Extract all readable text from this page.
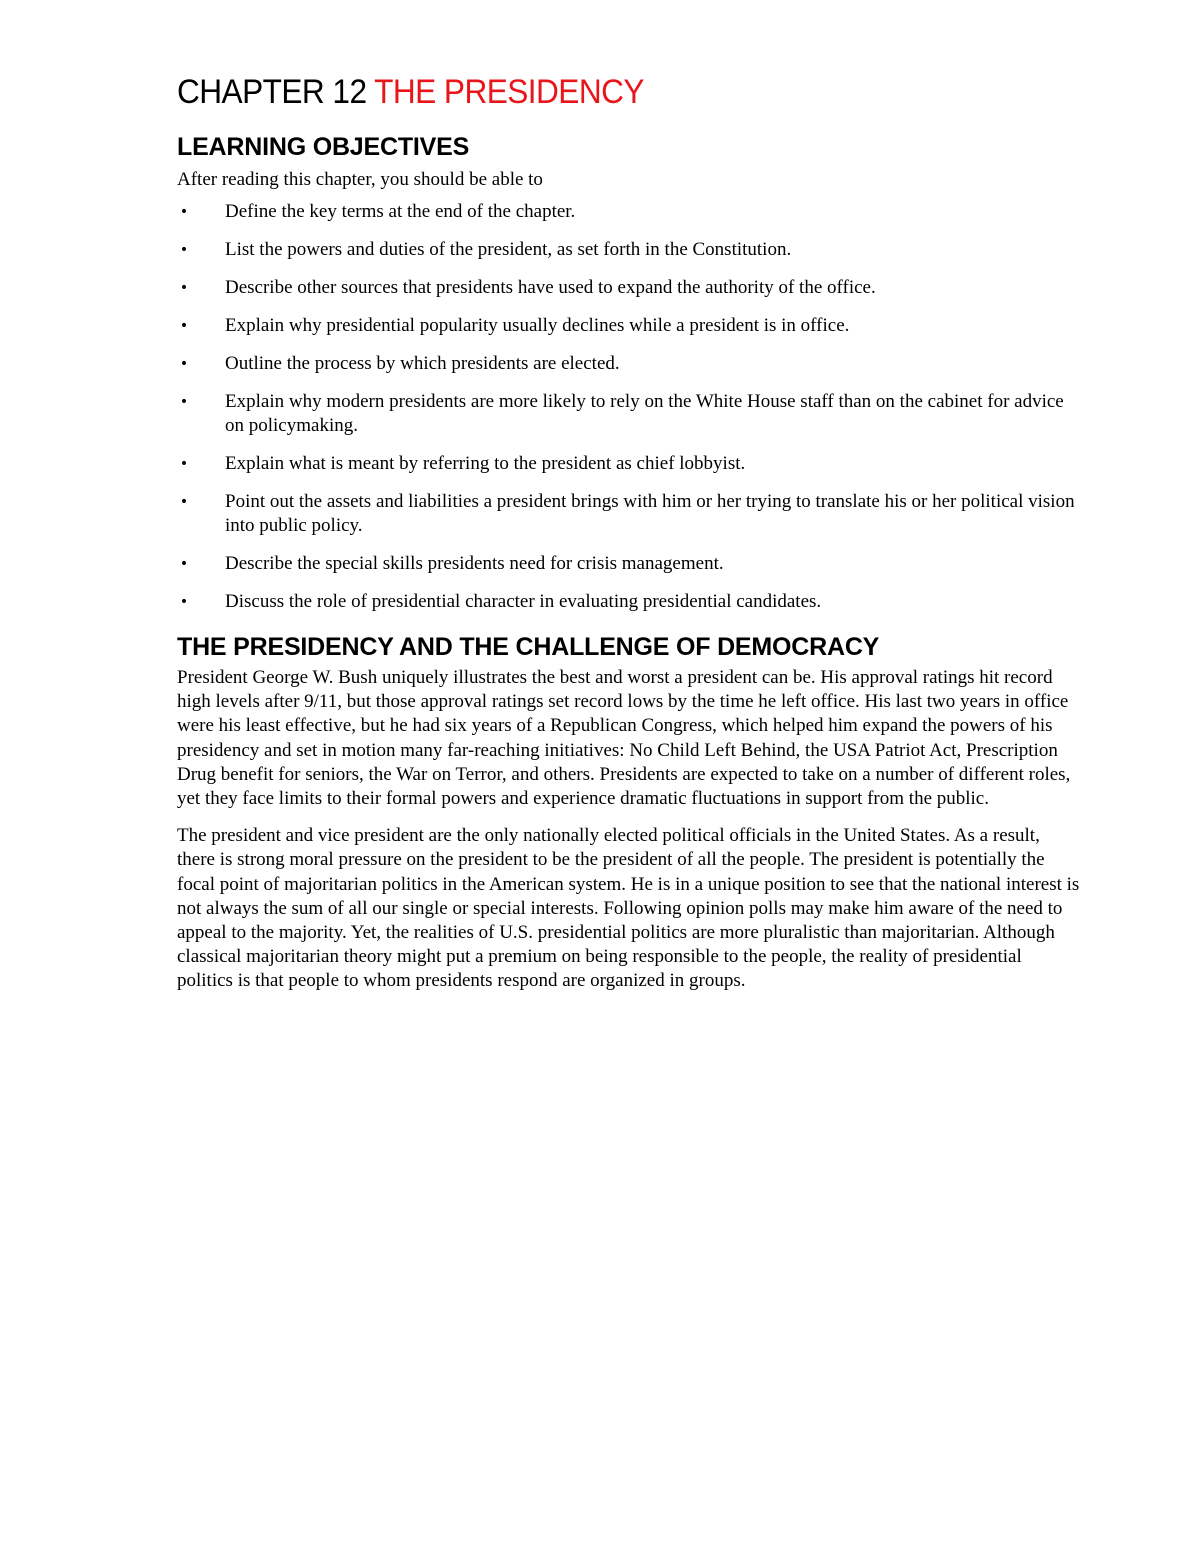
CHAPTER 12 THE PRESIDENCY
LEARNING OBJECTIVES

After reading this chapter, you should be able to

• Define the key terms at the end of the chapter.
• List the powers and duties of the president, as set forth in the Constitution.
• Describe other sources that presidents have used to expand the authority of the office.
• Explain why presidential popularity usually declines while a president is in office.
• Outline the process by which presidents are elected.
• Explain why modern presidents are more likely to rely on the White House staff than on the cabinet for advice on policymaking.
• Explain what is meant by referring to the president as chief lobbyist.
• Point out the assets and liabilities a president brings with him or her trying to translate his or her political vision into public policy.
• Describe the special skills presidents need for crisis management.
• Discuss the role of presidential character in evaluating presidential candidates.
THE PRESIDENCY AND THE CHALLENGE OF DEMOCRACY

President George W. Bush uniquely illustrates the best and worst a president can be. His approval ratings hit record high levels after 9/11, but those approval ratings set record lows by the time he left office. His last two years in office were his least effective, but he had six years of a Republican Congress, which helped him expand the powers of his presidency and set in motion many far-reaching initiatives: No Child Left Behind, the USA Patriot Act, Prescription Drug benefit for seniors, the War on Terror, and others. Presidents are expected to take on a number of different roles, yet they face limits to their formal powers and experience dramatic fluctuations in support from the public.

The president and vice president are the only nationally elected political officials in the United States. As a result, there is strong moral pressure on the president to be the president of all the people. The president is potentially the focal point of majoritarian politics in the American system. He is in a unique position to see that the national interest is not always the sum of all our single or special interests. Following opinion polls may make him aware of the need to appeal to the majority. Yet, the realities of U.S. presidential politics are more pluralistic than majoritarian. Although classical majoritarian theory might put a premium on being responsible to the people, the reality of presidential politics is that people to whom presidents respond are organized in groups.
